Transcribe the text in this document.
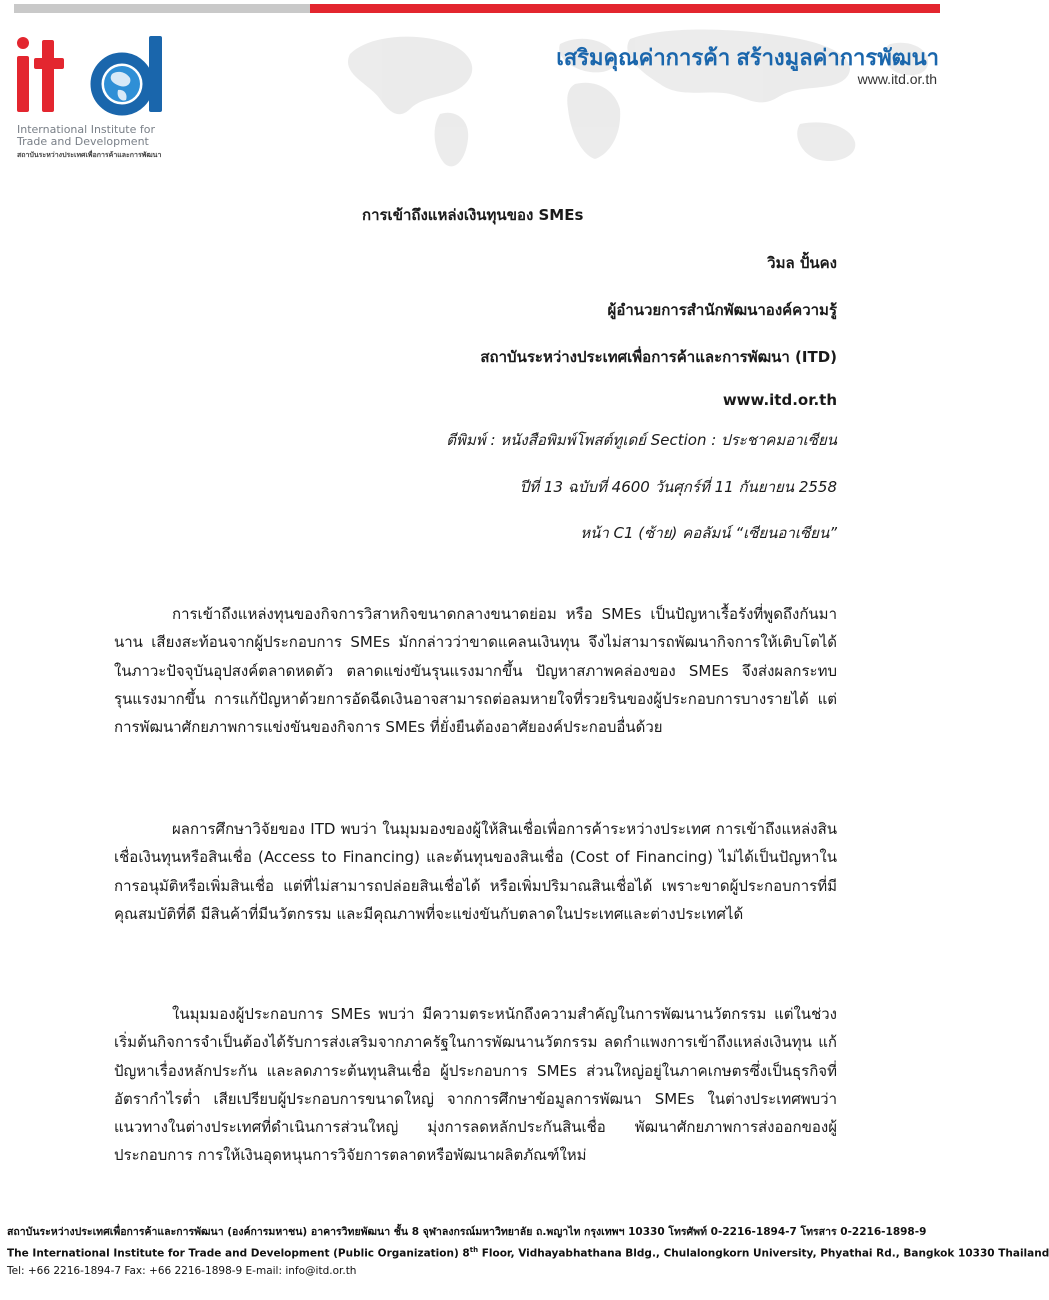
International Institute for
Trade and Development
สถาบันระหว่างประเทศเพื่อการค้าและการพัฒนา
เสริมคุณค่าการค้า สร้างมูลค่าการพัฒนา
www.itd.or.th
การเข้าถึงแหล่งเงินทุนของ SMEs
วิมล ปั้นคง
ผู้อำนวยการสำนักพัฒนาองค์ความรู้
สถาบันระหว่างประเทศเพื่อการค้าและการพัฒนา (ITD)
www.itd.or.th
ตีพิมพ์ : หนังสือพิมพ์โพสต์ทูเดย์ Section : ประชาคมอาเซียน
ปีที่ 13 ฉบับที่ 4600 วันศุกร์ที่ 11 กันยายน 2558
หน้า C1 (ซ้าย) คอลัมน์ “เซียนอาเซียน”

การเข้าถึงแหล่งทุนของกิจการวิสาหกิจขนาดกลางขนาดย่อม หรือ SMEs เป็นปัญหาเรื้อรังที่พูดถึงกันมานาน เสียงสะท้อนจากผู้ประกอบการ SMEs มักกล่าวว่าขาดแคลนเงินทุน จึงไม่สามารถพัฒนากิจการให้เติบโตได้ ในภาวะปัจจุบันอุปสงค์ตลาดหดตัว ตลาดแข่งขันรุนแรงมากขึ้น ปัญหาสภาพคล่องของ SMEs จึงส่งผลกระทบรุนแรงมากขึ้น การแก้ปัญหาด้วยการอัดฉีดเงินอาจสามารถต่อลมหายใจที่รวยรินของผู้ประกอบการบางรายได้ แต่การพัฒนาศักยภาพการแข่งขันของกิจการ SMEs ที่ยั่งยืนต้องอาศัยองค์ประกอบอื่นด้วย

ผลการศึกษาวิจัยของ ITD พบว่า ในมุมมองของผู้ให้สินเชื่อเพื่อการค้าระหว่างประเทศ การเข้าถึงแหล่งสินเชื่อเงินทุนหรือสินเชื่อ (Access to Financing) และต้นทุนของสินเชื่อ (Cost of Financing) ไม่ได้เป็นปัญหาในการอนุมัติหรือเพิ่มสินเชื่อ แต่ที่ไม่สามารถปล่อยสินเชื่อได้ หรือเพิ่มปริมาณสินเชื่อได้ เพราะขาดผู้ประกอบการที่มีคุณสมบัติที่ดี มีสินค้าที่มีนวัตกรรม และมีคุณภาพที่จะแข่งขันกับตลาดในประเทศและต่างประเทศได้

ในมุมมองผู้ประกอบการ SMEs พบว่า มีความตระหนักถึงความสำคัญในการพัฒนานวัตกรรม แต่ในช่วงเริ่มต้นกิจการจำเป็นต้องได้รับการส่งเสริมจากภาครัฐในการพัฒนานวัตกรรม ลดกำแพงการเข้าถึงแหล่งเงินทุน แก้ปัญหาเรื่องหลักประกัน และลดภาระต้นทุนสินเชื่อ ผู้ประกอบการ SMEs ส่วนใหญ่อยู่ในภาคเกษตรซึ่งเป็นธุรกิจที่อัตรากำไรต่ำ เสียเปรียบผู้ประกอบการขนาดใหญ่ จากการศึกษาข้อมูลการพัฒนา SMEs ในต่างประเทศพบว่า แนวทางในต่างประเทศที่ดำเนินการส่วนใหญ่ มุ่งการลดหลักประกันสินเชื่อ พัฒนาศักยภาพการส่งออกของผู้ประกอบการ การให้เงินอุดหนุนการวิจัยการตลาดหรือพัฒนาผลิตภัณฑ์ใหม่

สถาบันระหว่างประเทศเพื่อการค้าและการพัฒนา (องค์การมหาชน) อาคารวิทยพัฒนา ชั้น 8 จุฬาลงกรณ์มหาวิทยาลัย ถ.พญาไท กรุงเทพฯ 10330 โทรศัพท์ 0-2216-1894-7 โทรสาร 0-2216-1898-9
The International Institute for Trade and Development (Public Organization) 8th Floor, Vidhayabhathana Bldg., Chulalongkorn University, Phyathai Rd., Bangkok 10330 Thailand
Tel: +66 2216-1894-7 Fax: +66 2216-1898-9 E-mail: info@itd.or.th
